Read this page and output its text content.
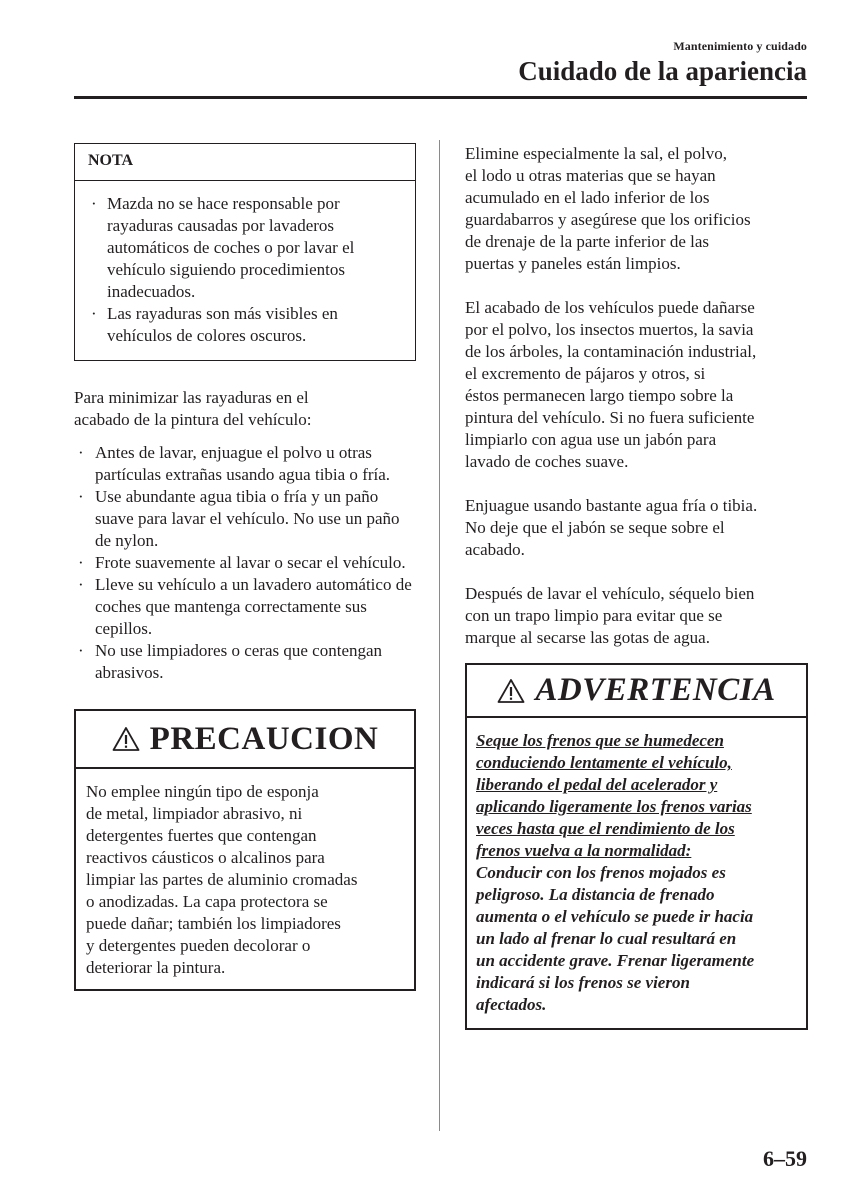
Mantenimiento y cuidado
Cuidado de la apariencia
NOTA
· Mazda no se hace responsable por rayaduras causadas por lavaderos automáticos de coches o por lavar el vehículo siguiendo procedimientos inadecuados.
· Las rayaduras son más visibles en vehículos de colores oscuros.

Para minimizar las rayaduras en el
acabado de la pintura del vehículo:

· Antes de lavar, enjuague el polvo u otras partículas extrañas usando agua tibia o fría.
· Use abundante agua tibia o fría y un paño suave para lavar el vehículo. No use un paño de nylon.
· Frote suavemente al lavar o secar el vehículo.
· Lleve su vehículo a un lavadero automático de coches que mantenga correctamente sus cepillos.
· No use limpiadores o ceras que contengan abrasivos.
PRECAUCION
No emplee ningún tipo de esponja
de metal, limpiador abrasivo, ni
detergentes fuertes que contengan
reactivos cáusticos o alcalinos para
limpiar las partes de aluminio cromadas
o anodizadas. La capa protectora se
puede dañar; también los limpiadores
y detergentes pueden decolorar o
deteriorar la pintura.

Elimine especialmente la sal, el polvo,
el lodo u otras materias que se hayan
acumulado en el lado inferior de los
guardabarros y asegúrese que los orificios
de drenaje de la parte inferior de las
puertas y paneles están limpios.

El acabado de los vehículos puede dañarse
por el polvo, los insectos muertos, la savia
de los árboles, la contaminación industrial,
el excremento de pájaros y otros, si
éstos permanecen largo tiempo sobre la
pintura del vehículo. Si no fuera suficiente
limpiarlo con agua use un jabón para
lavado de coches suave.

Enjuague usando bastante agua fría o tibia.
No deje que el jabón se seque sobre el
acabado.

Después de lavar el vehículo, séquelo bien
con un trapo limpio para evitar que se
marque al secarse las gotas de agua.

ADVERTENCIA
Seque los frenos que se humedecen
conduciendo lentamente el vehículo,
liberando el pedal del acelerador y
aplicando ligeramente los frenos varias
veces hasta que el rendimiento de los
frenos vuelva a la normalidad:
Conducir con los frenos mojados es
peligroso. La distancia de frenado
aumenta o el vehículo se puede ir hacia
un lado al frenar lo cual resultará en
un accidente grave. Frenar ligeramente
indicará si los frenos se vieron
afectados.
6–59
